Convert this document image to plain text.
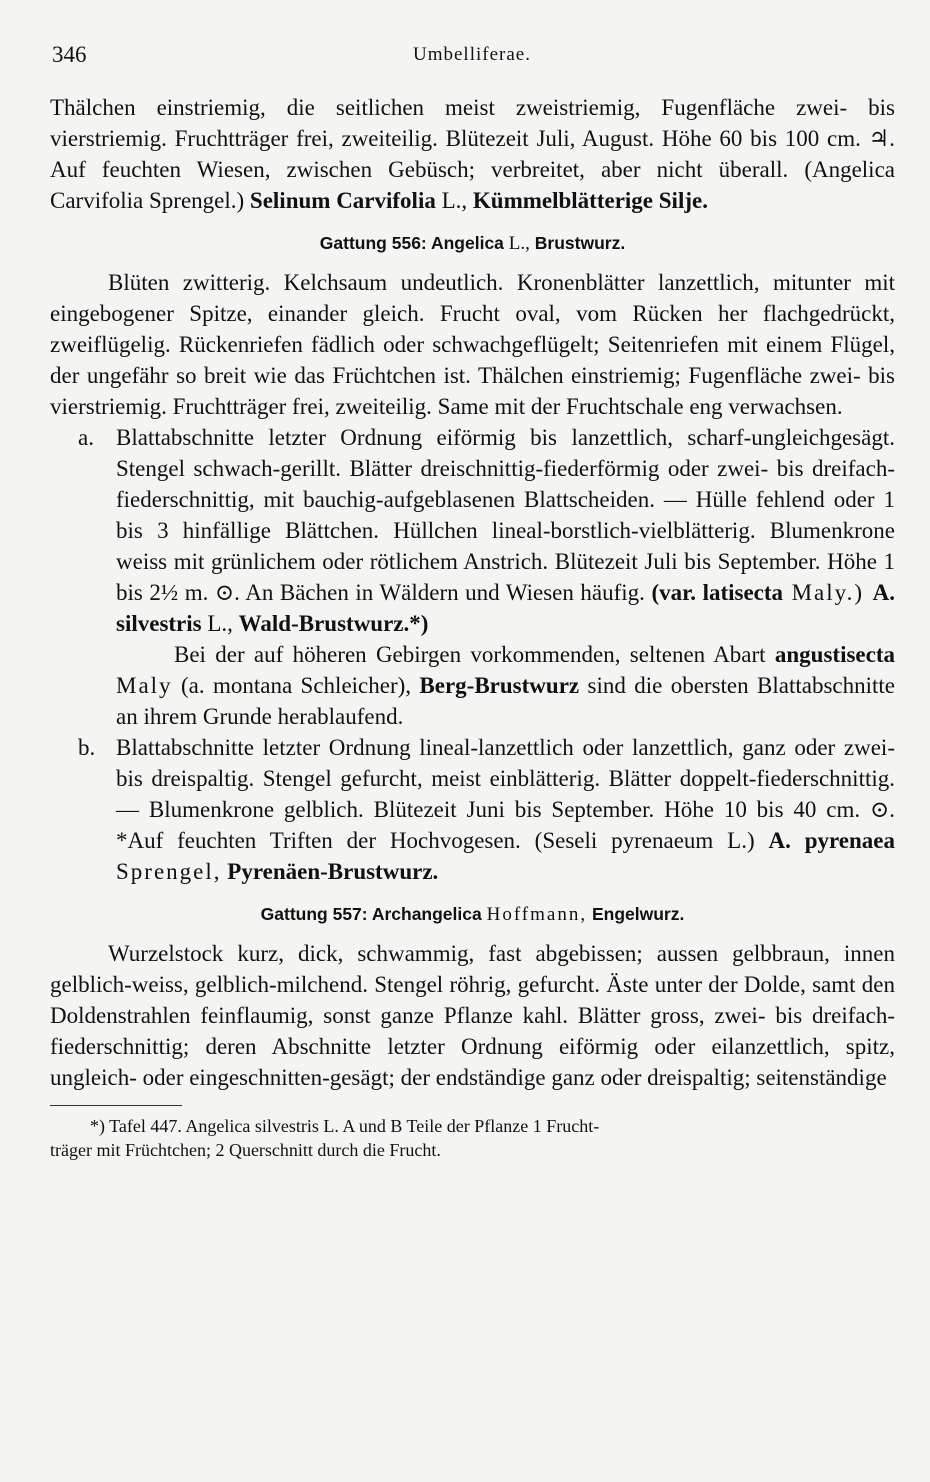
346	Umbelliferae.

Thälchen einstriemig, die seitlichen meist zweistriemig, Fugenfläche zwei- bis vierstriemig. Fruchtträger frei, zweiteilig. Blütezeit Juli, August. Höhe 60 bis 100 cm. ♃. Auf feuchten Wiesen, zwischen Gebüsch; verbreitet, aber nicht überall. (Angelica Carvifolia Sprengel.) Selinum Carvifolia L., Kümmelblätterige Silje.

Gattung 556: Angelica L., Brustwurz.

Blüten zwitterig. Kelchsaum undeutlich. Kronenblätter lanzettlich, mitunter mit eingebogener Spitze, einander gleich. Frucht oval, vom Rücken her flachgedrückt, zweiflügelig. Rückenriefen fädlich oder schwachgeflügelt; Seitenriefen mit einem Flügel, der ungefähr so breit wie das Früchtchen ist. Thälchen einstriemig; Fugenfläche zwei- bis vierstriemig. Fruchtträger frei, zweiteilig. Same mit der Fruchtschale eng verwachsen.

a. Blattabschnitte letzter Ordnung eiförmig bis lanzettlich, scharf-ungleichgesägt. Stengel schwach-gerillt. Blätter dreischnittig-fiederförmig oder zwei- bis dreifach-fiederschnittig, mit bauchig-aufgeblasenen Blattscheiden. — Hülle fehlend oder 1 bis 3 hinfällige Blättchen. Hüllchen lineal-borstlich-vielblätterig. Blumenkrone weiss mit grünlichem oder rötlichem Anstrich. Blütezeit Juli bis September. Höhe 1 bis 2½ m. ⊙. An Bächen in Wäldern und Wiesen häufig. (var. latisecta Maly.) A. silvestris L., Wald-Brustwurz.*)
Bei der auf höheren Gebirgen vorkommenden, seltenen Abart angustisecta Maly (a. montana Schleicher), Berg-Brustwurz sind die obersten Blattabschnitte an ihrem Grunde herablaufend.
b. Blattabschnitte letzter Ordnung lineal-lanzettlich oder lanzettlich, ganz oder zwei- bis dreispaltig. Stengel gefurcht, meist einblätterig. Blätter doppelt-fiederschnittig. — Blumenkrone gelblich. Blütezeit Juni bis September. Höhe 10 bis 40 cm. ⊙. *Auf feuchten Triften der Hochvogesen. (Seseli pyrenaeum L.) A. pyrenaea Sprengel, Pyrenäen-Brustwurz.
Gattung 557: Archangelica Hoffmann, Engelwurz.

Wurzelstock kurz, dick, schwammig, fast abgebissen; aussen gelbbraun, innen gelblich-weiss, gelblich-milchend. Stengel röhrig, gefurcht. Äste unter der Dolde, samt den Doldenstrahlen feinflaumig, sonst ganze Pflanze kahl. Blätter gross, zwei- bis dreifach-fiederschnittig; deren Abschnitte letzter Ordnung eiförmig oder eilanzettlich, spitz, ungleich- oder eingeschnitten-gesägt; der endständige ganz oder dreispaltig; seitenständige

*) Tafel 447. Angelica silvestris L. A und B Teile der Pflanze 1 Frucht-
träger mit Früchtchen; 2 Querschnitt durch die Frucht.
